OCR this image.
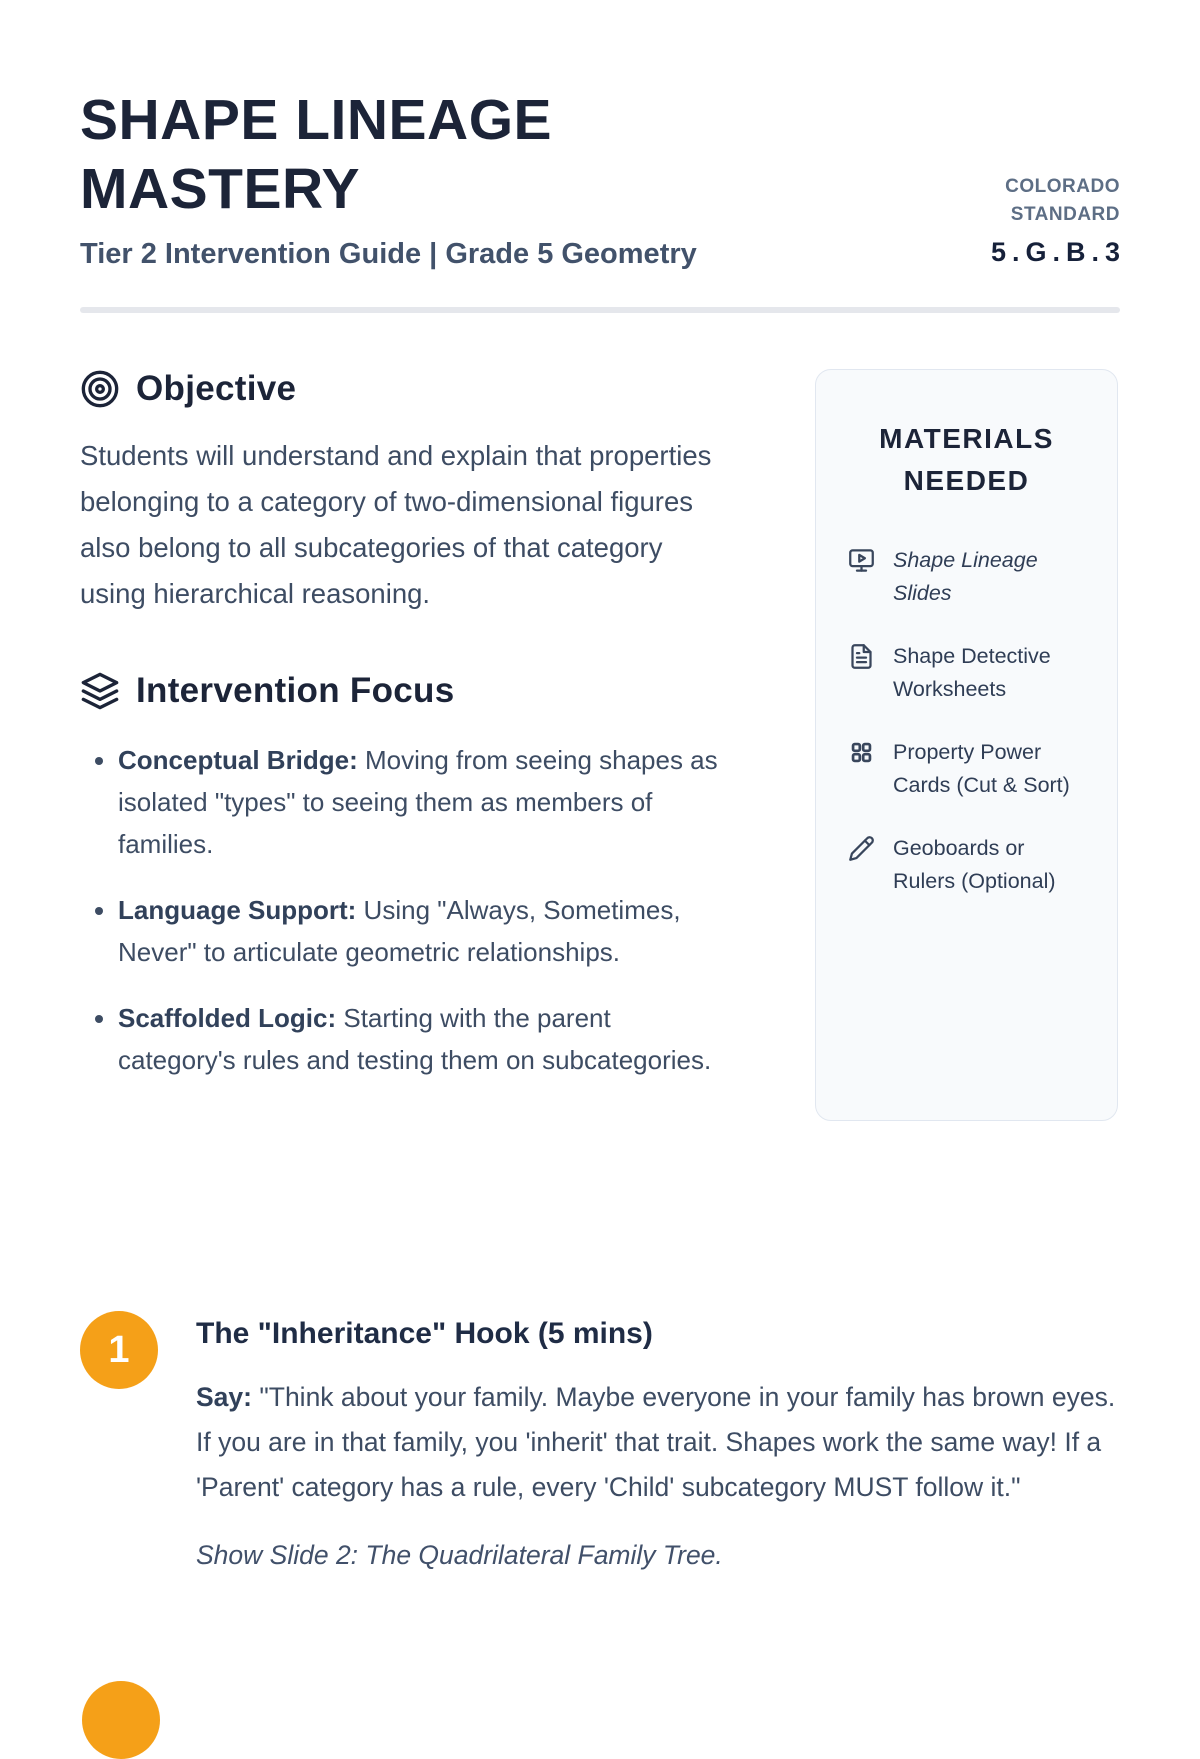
SHAPE LINEAGE
MASTERY
Tier 2 Intervention Guide | Grade 5 Geometry
COLORADO
STANDARD
5.G.B.3
Objective

Students will understand and explain that properties belonging to a category of two-dimensional figures also belong to all subcategories of that category using hierarchical reasoning.

Intervention Focus
• Conceptual Bridge: Moving from seeing shapes as isolated "types" to seeing them as members of families.
• Language Support: Using "Always, Sometimes, Never" to articulate geometric relationships.
• Scaffolded Logic: Starting with the parent category's rules and testing them on subcategories.
MATERIALS NEEDED
Shape Lineage Slides
Shape Detective Worksheets
Property Power Cards (Cut & Sort)
Geoboards or Rulers (Optional)
1	The "Inheritance" Hook (5 mins)

Say: "Think about your family. Maybe everyone in your family has brown eyes. If you are in that family, you 'inherit' that trait. Shapes work the same way! If a 'Parent' category has a rule, every 'Child' subcategory MUST follow it."

Show Slide 2: The Quadrilateral Family Tree.
